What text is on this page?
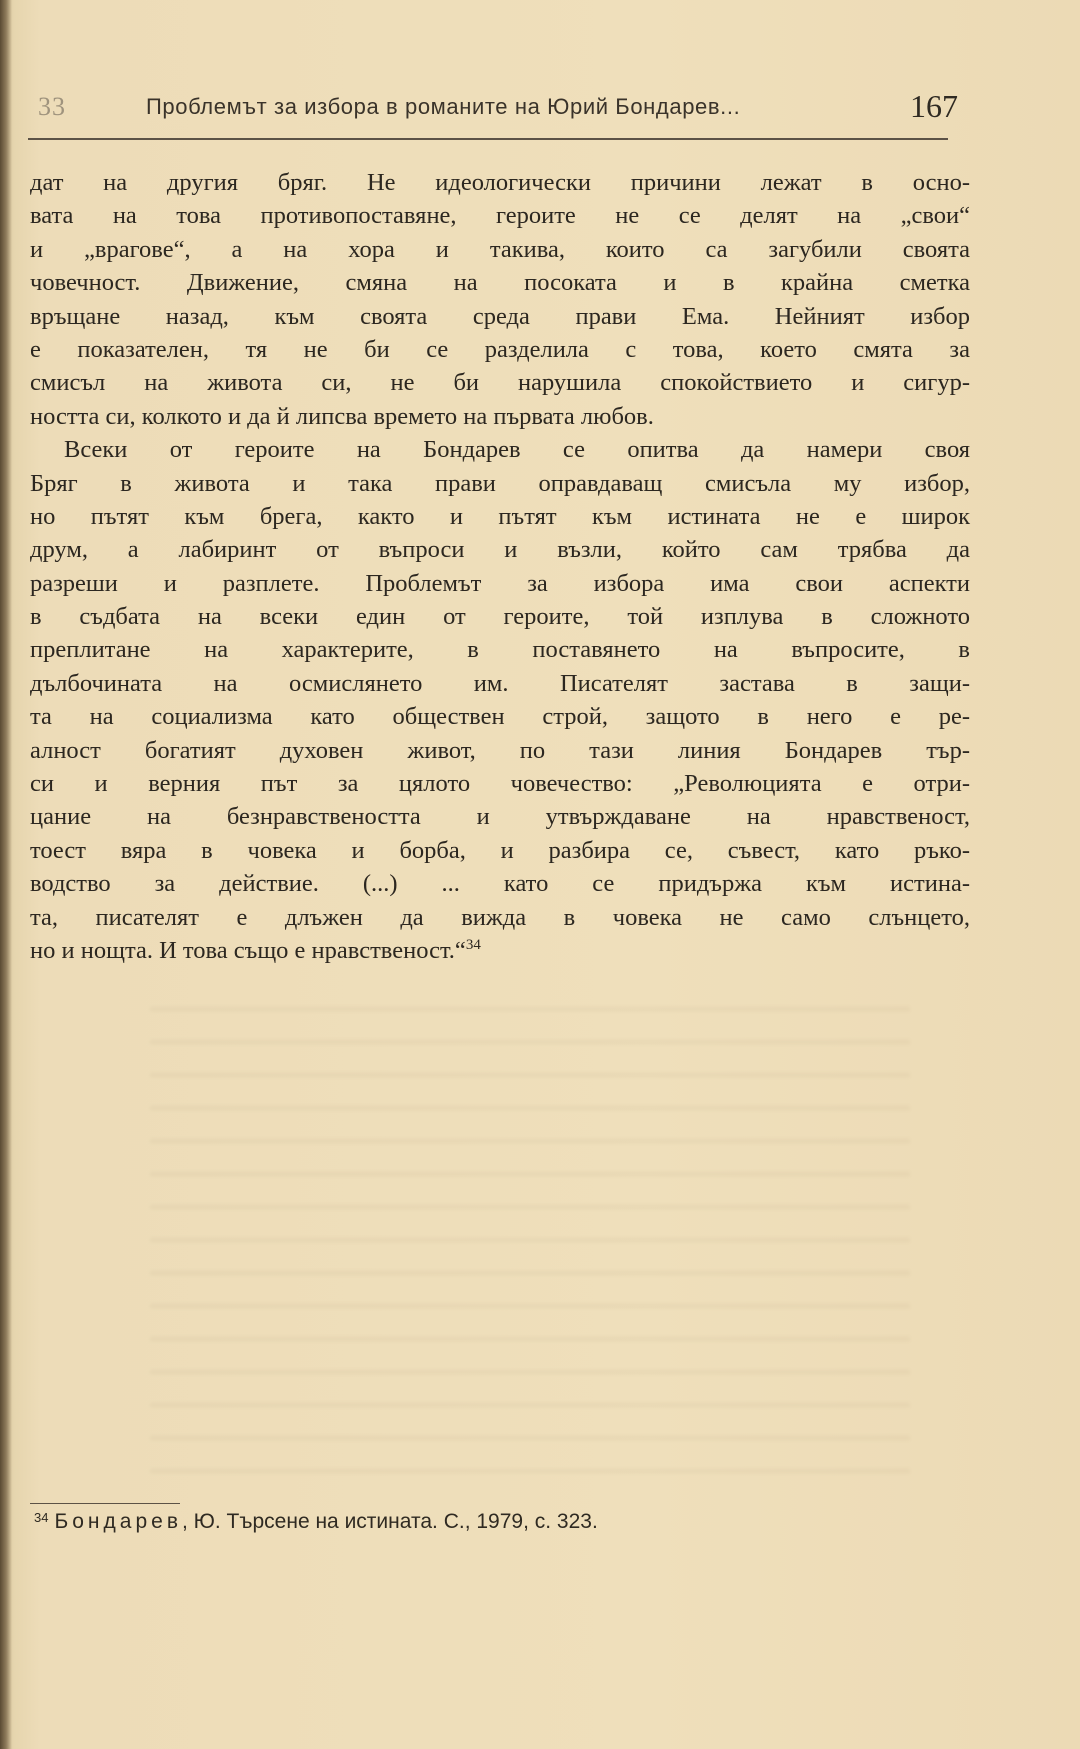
33	Проблемът за избора в романите на Юрий Бондарев...	167
дат на другия бряг. Не идеологически причини лежат в осно-
вата на това противопоставяне, героите не се делят на „свои“
и „врагове“, а на хора и такива, които са загубили своята
човечност. Движение, смяна на посоката и в крайна сметка
връщане назад, към своята среда прави Ема. Нейният избор
е показателен, тя не би се разделила с това, което смята за
смисъл на живота си, не би нарушила спокойствието и сигур-
ността си, колкото и да й липсва времето на първата любов.
Всеки от героите на Бондарев се опитва да намери своя
Бряг в живота и така прави оправдаващ смисъла му избор,
но пътят към брега, както и пътят към истината не е широк
друм, а лабиринт от въпроси и възли, който сам трябва да
разреши и разплете. Проблемът за избора има свои аспекти
в съдбата на всеки един от героите, той изплува в сложното
преплитане на характерите, в поставянето на въпросите, в
дълбочината на осмислянето им. Писателят застава в защи-
та на социализма като обществен строй, защото в него е ре-
алност богатият духовен живот, по тази линия Бондарев тър-
си и верния път за цялото човечество: „Революцията е отри-
цание на безнравствеността и утвърждаване на нравственост,
тоест вяра в човека и борба, и разбира се, съвест, като ръко-
водство за действие. (...) ... като се придържа към истина-
та, писателят е длъжен да вижда в човека не само слънцето,
но и нощта. И това също е нравственост.“$^{34}$
$^{34}$ Бондарев, Ю. Търсене на истината. С., 1979, с. 323.
